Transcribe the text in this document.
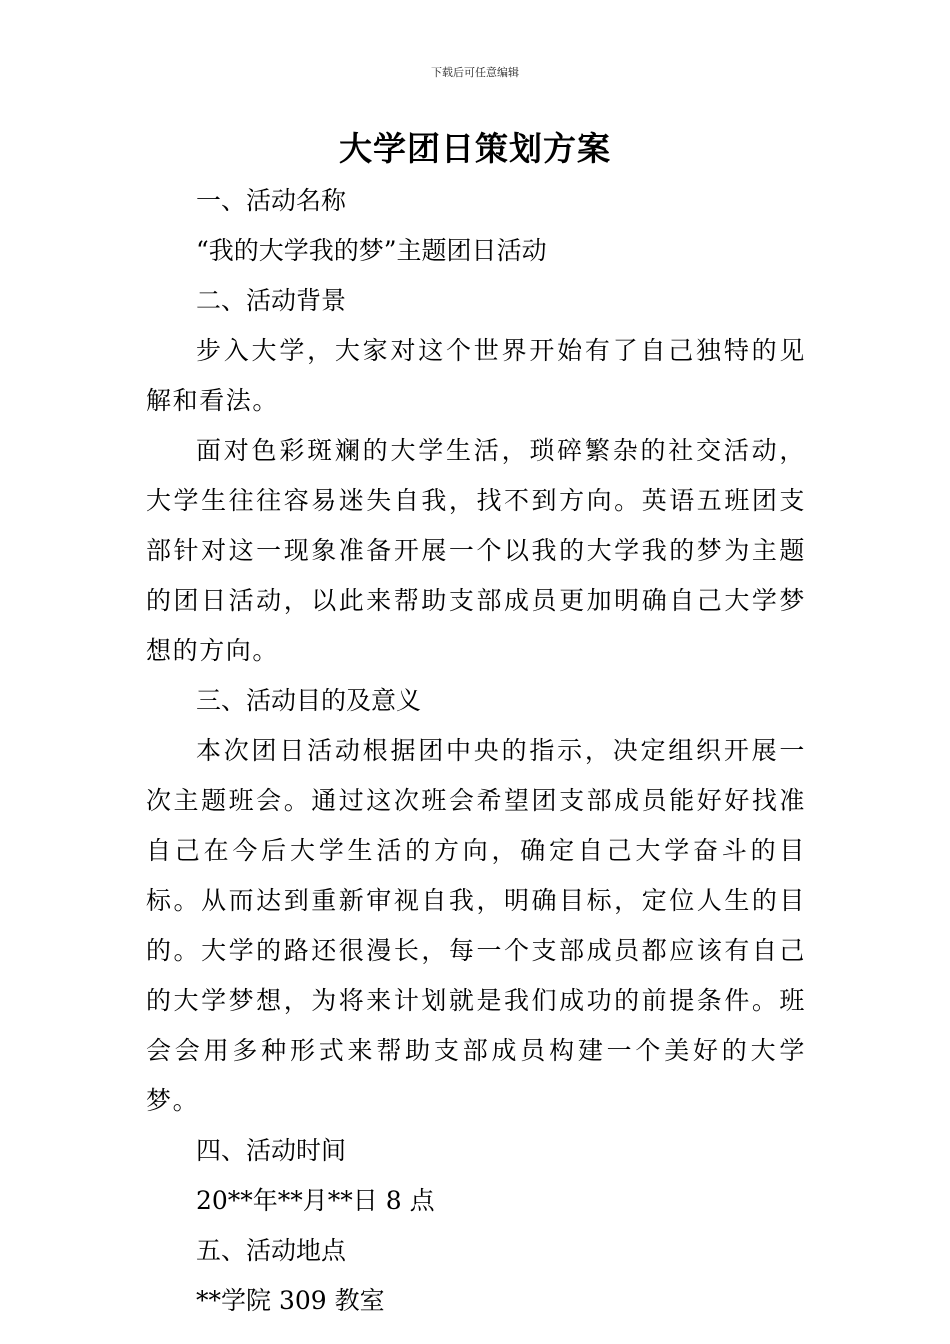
下载后可任意编辑
大学团日策划方案

一、活动名称

“我的大学我的梦”主题团日活动

二、活动背景

步入大学，大家对这个世界开始有了自己独特的见解和看法。

面对色彩斑斓的大学生活，琐碎繁杂的社交活动，大学生往往容易迷失自我，找不到方向。英语五班团支部针对这一现象准备开展一个以我的大学我的梦为主题的团日活动，以此来帮助支部成员更加明确自己大学梦想的方向。

三、活动目的及意义

本次团日活动根据团中央的指示，决定组织开展一次主题班会。通过这次班会希望团支部成员能好好找准自己在今后大学生活的方向，确定自己大学奋斗的目标。从而达到重新审视自我，明确目标，定位人生的目的。大学的路还很漫长，每一个支部成员都应该有自己的大学梦想，为将来计划就是我们成功的前提条件。班会会用多种形式来帮助支部成员构建一个美好的大学梦。

四、活动时间

20**年**月**日 8 点

五、活动地点

**学院 309 教室
